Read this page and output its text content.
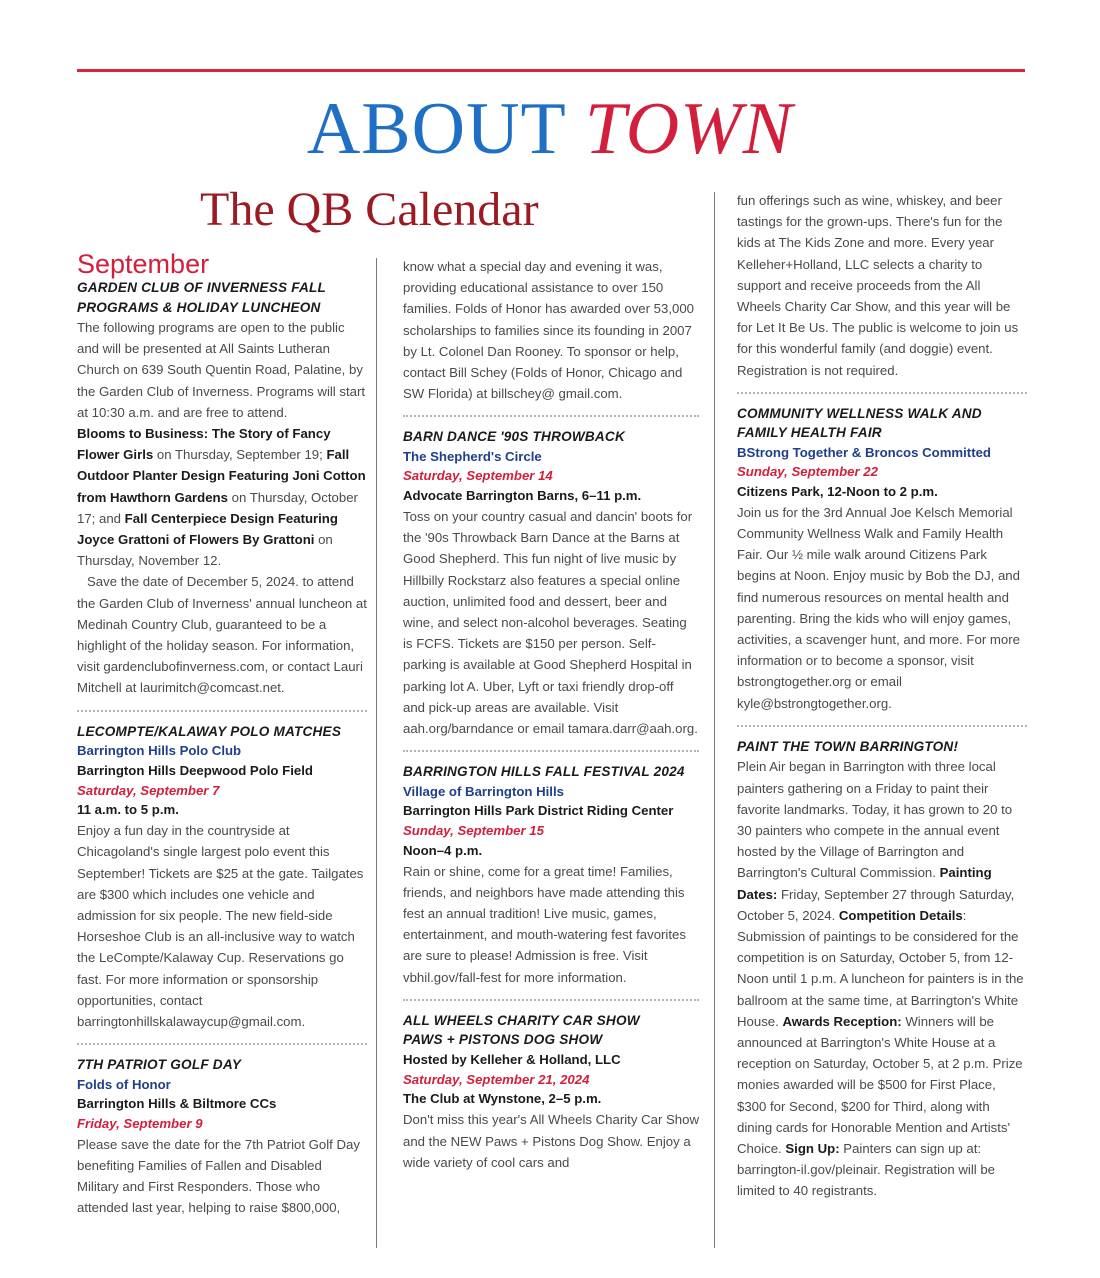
ABOUT TOWN
The QB Calendar

September

GARDEN CLUB OF INVERNESS FALL

PROGRAMS & HOLIDAY LUNCHEON

The following programs are open to the public and will be presented at All Saints Lutheran Church on 639 South Quentin Road, Palatine, by the Garden Club of Inverness. Programs will start at 10:30 a.m. and are free to attend.

Blooms to Business: The Story of Fancy Flower Girls on Thursday, September 19; Fall Outdoor Planter Design Featuring Joni Cotton from Hawthorn Gardens on Thursday, October 17; and Fall Centerpiece Design Featuring Joyce Grattoni of Flowers By Grattoni on Thursday, November 12.

Save the date of December 5, 2024. to attend the Garden Club of Inverness' annual luncheon at Medinah Country Club, guaranteed to be a highlight of the holiday season. For information, visit gardenclubofinverness.com, or contact Lauri Mitchell at laurimitch@comcast.net.

LECOMPTE/KALAWAY POLO MATCHES

Barrington Hills Polo Club

Barrington Hills Deepwood Polo Field

Saturday, September 7

11 a.m. to 5 p.m.

Enjoy a fun day in the countryside at Chicagoland's single largest polo event this September! Tickets are $25 at the gate. Tailgates are $300 which includes one vehicle and admission for six people. The new field-side Horseshoe Club is an all-inclusive way to watch the LeCompte/Kalaway Cup. Reservations go fast. For more information or sponsorship opportunities, contact barringtonhillskalawaycup@gmail.com.

7TH PATRIOT GOLF DAY

Folds of Honor

Barrington Hills & Biltmore CCs

Friday, September 9

Please save the date for the 7th Patriot Golf Day benefiting Families of Fallen and Disabled Military and First Responders. Those who attended last year, helping to raise $800,000,

know what a special day and evening it was, providing educational assistance to over 150 families. Folds of Honor has awarded over 53,000 scholarships to families since its founding in 2007 by Lt. Colonel Dan Rooney. To sponsor or help, contact Bill Schey (Folds of Honor, Chicago and SW Florida) at billschey@ gmail.com.

BARN DANCE '90S THROWBACK

The Shepherd's Circle

Saturday, September 14

Advocate Barrington Barns, 6–11 p.m.

Toss on your country casual and dancin' boots for the '90s Throwback Barn Dance at the Barns at Good Shepherd. This fun night of live music by Hillbilly Rockstarz also features a special online auction, unlimited food and dessert, beer and wine, and select non-alcohol beverages. Seating is FCFS. Tickets are $150 per person. Self-parking is available at Good Shepherd Hospital in parking lot A. Uber, Lyft or taxi friendly drop-off and pick-up areas are available. Visit aah.org/barndance or email tamara.darr@aah.org.

BARRINGTON HILLS FALL FESTIVAL 2024

Village of Barrington Hills

Barrington Hills Park District Riding Center

Sunday, September 15

Noon–4 p.m.

Rain or shine, come for a great time! Families, friends, and neighbors have made attending this fest an annual tradition! Live music, games, entertainment, and mouth-watering fest favorites are sure to please! Admission is free. Visit vbhil.gov/fall-fest for more information.

ALL WHEELS CHARITY CAR SHOW

PAWS + PISTONS DOG SHOW

Hosted by Kelleher & Holland, LLC

Saturday, September 21, 2024

The Club at Wynstone, 2–5 p.m.

Don't miss this year's All Wheels Charity Car Show and the NEW Paws + Pistons Dog Show. Enjoy a wide variety of cool cars and

fun offerings such as wine, whiskey, and beer tastings for the grown-ups. There's fun for the kids at The Kids Zone and more. Every year Kelleher+Holland, LLC selects a charity to support and receive proceeds from the All Wheels Charity Car Show, and this year will be for Let It Be Us. The public is welcome to join us for this wonderful family (and doggie) event. Registration is not required.

COMMUNITY WELLNESS WALK AND

FAMILY HEALTH FAIR

BStrong Together & Broncos Committed

Sunday, September 22

Citizens Park, 12-Noon to 2 p.m.

Join us for the 3rd Annual Joe Kelsch Memorial Community Wellness Walk and Family Health Fair. Our ½ mile walk around Citizens Park begins at Noon. Enjoy music by Bob the DJ, and find numerous resources on mental health and parenting. Bring the kids who will enjoy games, activities, a scavenger hunt, and more. For more information or to become a sponsor, visit bstrongtogether.org or email kyle@bstrongtogether.org.

PAINT THE TOWN BARRINGTON!

Plein Air began in Barrington with three local painters gathering on a Friday to paint their favorite landmarks. Today, it has grown to 20 to 30 painters who compete in the annual event hosted by the Village of Barrington and Barrington's Cultural Commission. Painting Dates: Friday, September 27 through Saturday, October 5, 2024. Competition Details: Submission of paintings to be considered for the competition is on Saturday, October 5, from 12-Noon until 1 p.m. A luncheon for painters is in the ballroom at the same time, at Barrington's White House. Awards Reception: Winners will be announced at Barrington's White House at a reception on Saturday, October 5, at 2 p.m. Prize monies awarded will be $500 for First Place, $300 for Second, $200 for Third, along with dining cards for Honorable Mention and Artists' Choice. Sign Up: Painters can sign up at: barrington-il.gov/pleinair. Registration will be limited to 40 registrants.
